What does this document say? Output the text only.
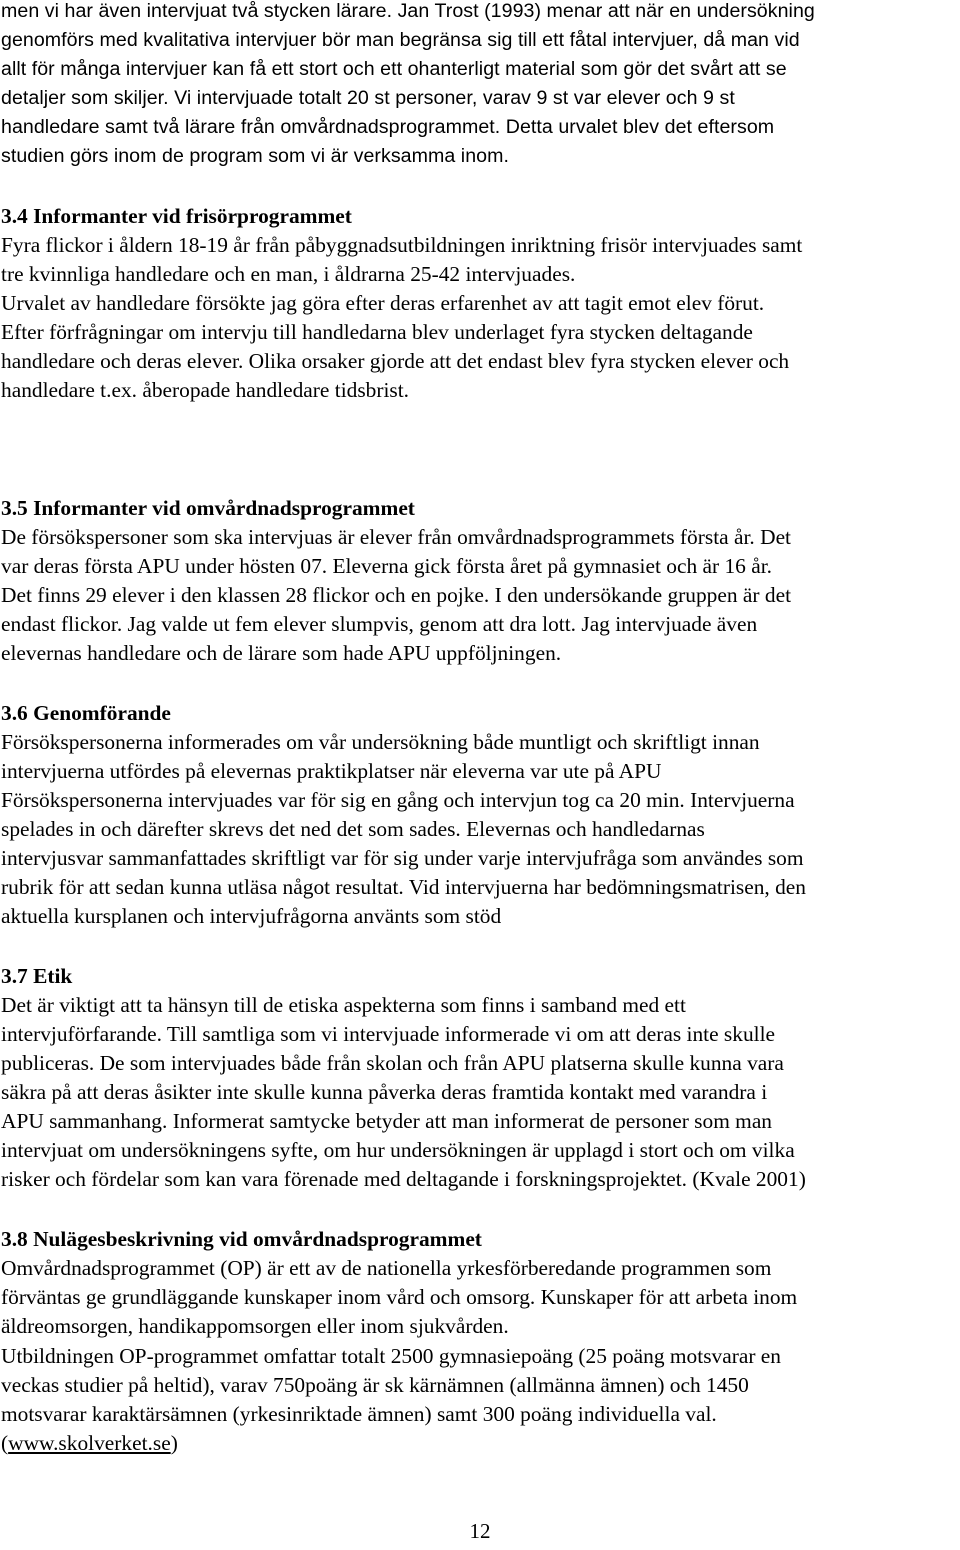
men vi har även intervjuat två stycken lärare. Jan Trost (1993) menar att när en undersökning
genomförs med kvalitativa intervjuer bör man begränsa sig till ett fåtal intervjuer, då man vid
allt för många intervjuer kan få ett stort och ett ohanterligt material som gör det svårt att se
detaljer som skiljer. Vi intervjuade totalt 20 st personer, varav 9 st var elever och 9 st
handledare samt två lärare från omvårdnadsprogrammet. Detta urvalet blev det eftersom
studien görs inom de program som vi är verksamma inom.
3.4 Informanter vid frisörprogrammet
Fyra flickor i åldern 18-19 år från påbyggnadsutbildningen inriktning frisör intervjuades samt
tre kvinnliga handledare och en man, i åldrarna 25-42 intervjuades.
Urvalet av handledare försökte jag göra efter deras erfarenhet av att tagit emot elev förut.
Efter förfrågningar om intervju till handledarna blev underlaget fyra stycken deltagande
handledare och deras elever. Olika orsaker gjorde att det endast blev fyra stycken elever och
handledare t.ex. åberopade handledare tidsbrist.
3.5 Informanter vid omvårdnadsprogrammet
De försökspersoner som ska intervjuas är elever från omvårdnadsprogrammets första år. Det
var deras första APU under hösten 07. Eleverna gick första året på gymnasiet och är 16 år.
Det finns 29 elever i den klassen 28 flickor och en pojke. I den undersökande gruppen är det
endast flickor. Jag valde ut fem elever slumpvis, genom att dra lott. Jag intervjuade även
elevernas handledare och de lärare som hade APU uppföljningen.
3.6 Genomförande
Försökspersonerna informerades om vår undersökning både muntligt och skriftligt innan
intervjuerna utfördes på elevernas praktikplatser när eleverna var ute på APU
Försökspersonerna intervjuades var för sig en gång och intervjun tog ca 20 min. Intervjuerna
spelades in och därefter skrevs det ned det som sades. Elevernas och handledarnas
intervjusvar sammanfattades skriftligt var för sig under varje intervjufråga som användes som
rubrik för att sedan kunna utläsa något resultat. Vid intervjuerna har bedömningsmatrisen, den
aktuella kursplanen och intervjufrågorna använts som stöd
3.7 Etik
Det är viktigt att ta hänsyn till de etiska aspekterna som finns i samband med ett
intervjuförfarande. Till samtliga som vi intervjuade informerade vi om att deras inte skulle
publiceras. De som intervjuades både från skolan och från APU platserna skulle kunna vara
säkra på att deras åsikter inte skulle kunna påverka deras framtida kontakt med varandra i
APU sammanhang. Informerat samtycke betyder att man informerat de personer som man
intervjuat om undersökningens syfte, om hur undersökningen är upplagd i stort och om vilka
risker och fördelar som kan vara förenade med deltagande i forskningsprojektet. (Kvale 2001)
3.8 Nulägesbeskrivning vid omvårdnadsprogrammet
Omvårdnadsprogrammet (OP) är ett av de nationella yrkesförberedande programmen som
förväntas ge grundläggande kunskaper inom vård och omsorg. Kunskaper för att arbeta inom
äldreomsorgen, handikappomsorgen eller inom sjukvården.
Utbildningen OP-programmet omfattar totalt 2500 gymnasiepoäng (25 poäng motsvarar en
veckas studier på heltid), varav 750poäng är sk kärnämnen (allmänna ämnen) och 1450
motsvarar karaktärsämnen (yrkesinriktade ämnen) samt 300 poäng individuella val.
(www.skolverket.se)
12
